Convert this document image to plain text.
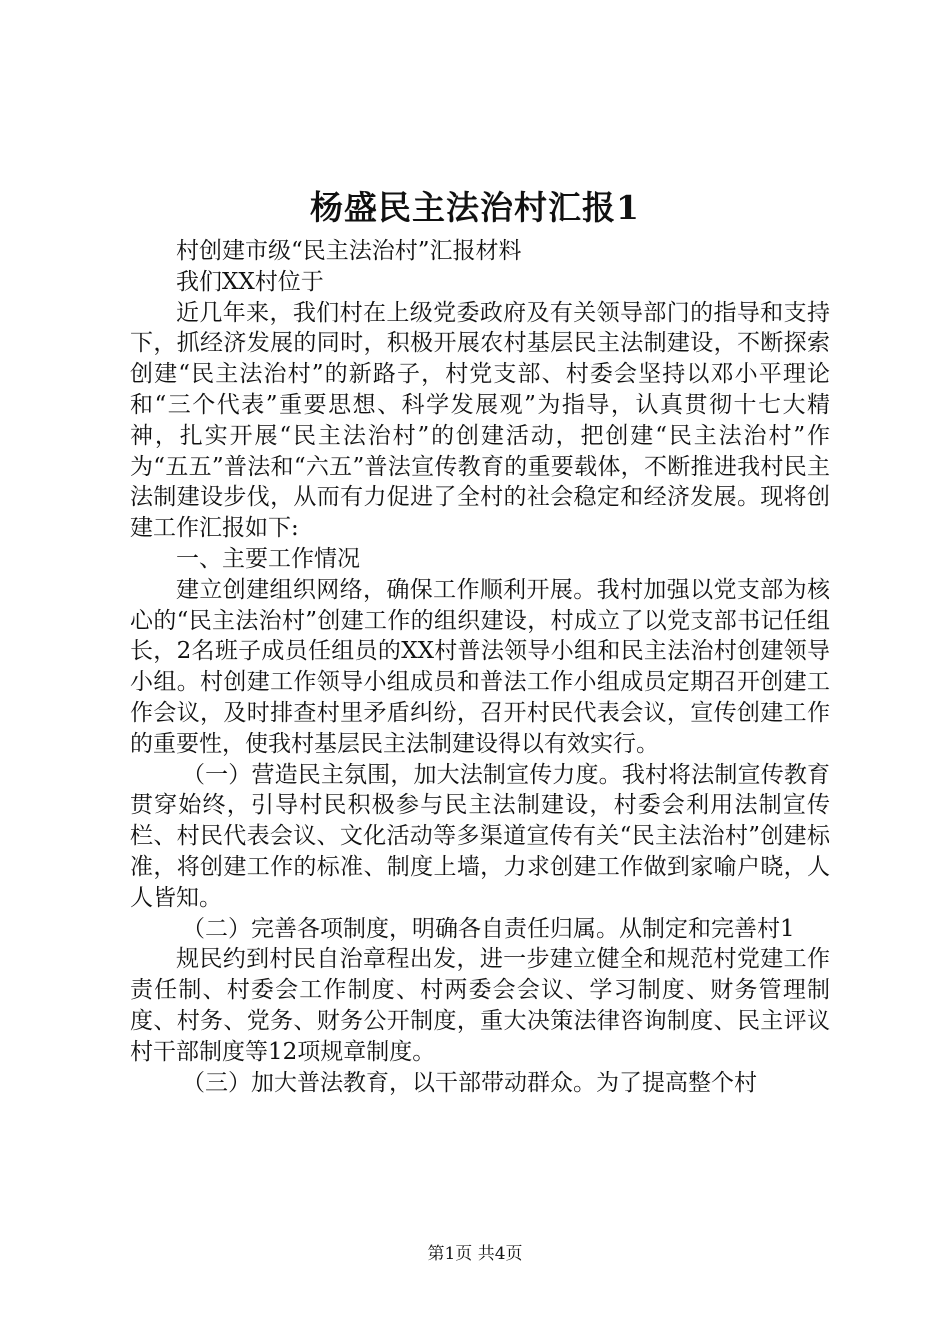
杨盛民主法治村汇报1

村创建市级“民主法治村”汇报材料

我们XX村位于

近几年来，我们村在上级党委政府及有关领导部门的指导和支持下，抓经济发展的同时，积极开展农村基层民主法制建设，不断探索创建“民主法治村”的新路子，村党支部、村委会坚持以邓小平理论和“三个代表”重要思想、科学发展观”为指导，认真贯彻十七大精神，扎实开展“民主法治村”的创建活动，把创建“民主法治村”作为“五五”普法和“六五”普法宣传教育的重要载体，不断推进我村民主法制建设步伐，从而有力促进了全村的社会稳定和经济发展。现将创建工作汇报如下:

一、主要工作情况

建立创建组织网络，确保工作顺利开展。我村加强以党支部为核心的“民主法治村”创建工作的组织建设，村成立了以党支部书记任组长，2名班子成员任组员的XX村普法领导小组和民主法治村创建领导小组。村创建工作领导小组成员和普法工作小组成员定期召开创建工作会议，及时排查村里矛盾纠纷，召开村民代表会议，宣传创建工作的重要性，使我村基层民主法制建设得以有效实行。

（一）营造民主氛围，加大法制宣传力度。我村将法制宣传教育贯穿始终，引导村民积极参与民主法制建设，村委会利用法制宣传栏、村民代表会议、文化活动等多渠道宣传有关“民主法治村”创建标准，将创建工作的标准、制度上墙，力求创建工作做到家喻户晓，人人皆知。

（二）完善各项制度，明确各自责任归属。从制定和完善村1

规民约到村民自治章程出发，进一步建立健全和规范村党建工作责任制、村委会工作制度、村两委会会议、学习制度、财务管理制度、村务、党务、财务公开制度，重大决策法律咨询制度、民主评议村干部制度等12项规章制度。

（三）加大普法教育，以干部带动群众。为了提高整个村

第1页 共4页
